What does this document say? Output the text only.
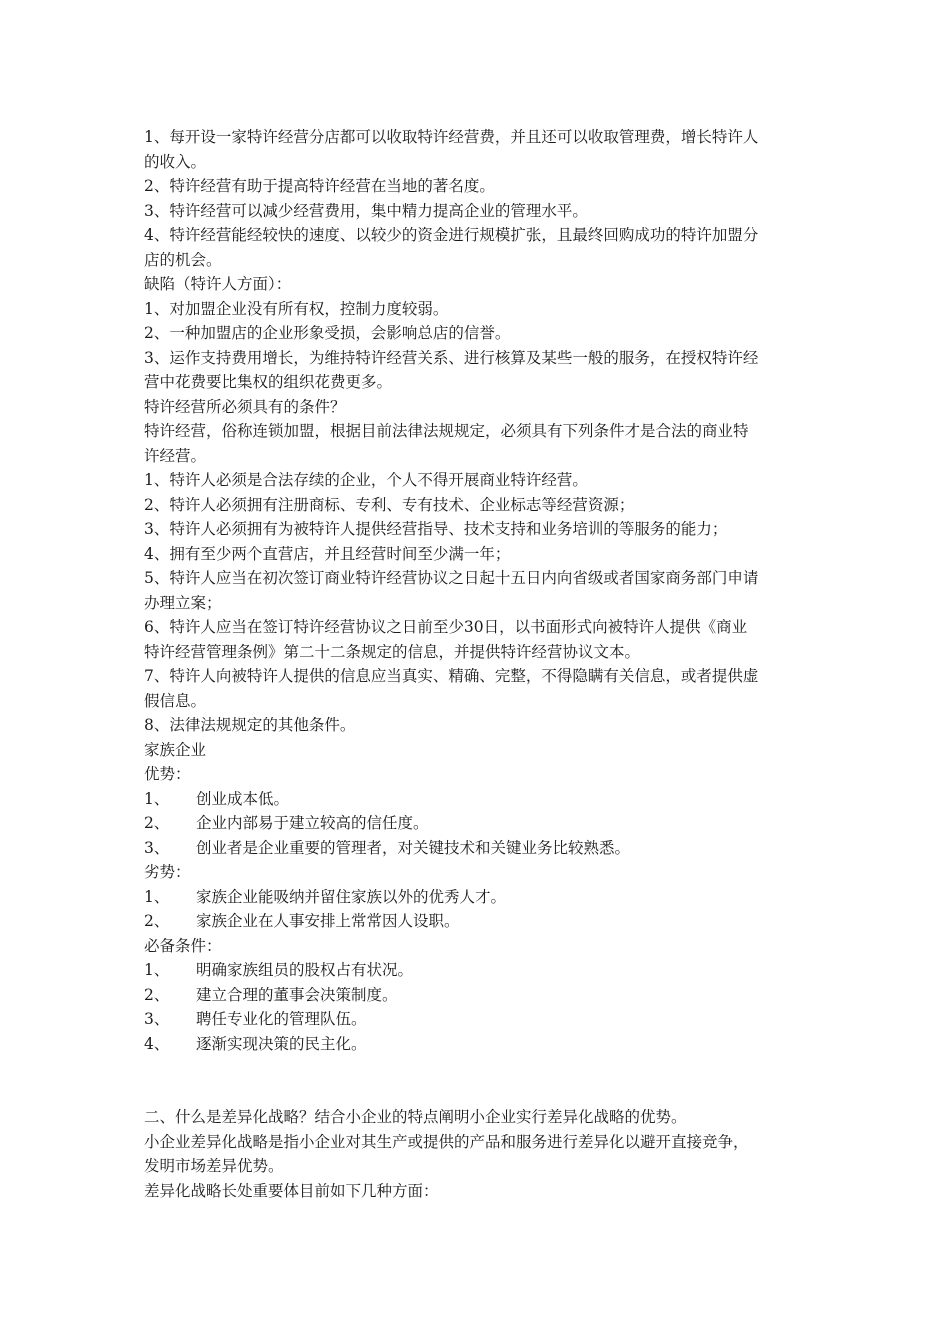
1、每开设一家特许经营分店都可以收取特许经营费，并且还可以收取管理费，增长特许人
的收入。
2、特许经营有助于提高特许经营在当地的著名度。
3、特许经营可以减少经营费用，集中精力提高企业的管理水平。
4、特许经营能经较快的速度、以较少的资金进行规模扩张，且最终回购成功的特许加盟分
店的机会。
缺陷（特许人方面）：
1、对加盟企业没有所有权，控制力度较弱。
2、一种加盟店的企业形象受损，会影响总店的信誉。
3、运作支持费用增长，为维持特许经营关系、进行核算及某些一般的服务，在授权特许经
营中花费要比集权的组织花费更多。
特许经营所必须具有的条件？
特许经营，俗称连锁加盟，根据目前法律法规规定，必须具有下列条件才是合法的商业特
许经营。
1、特许人必须是合法存续的企业，个人不得开展商业特许经营。
2、特许人必须拥有注册商标、专利、专有技术、企业标志等经营资源；
3、特许人必须拥有为被特许人提供经营指导、技术支持和业务培训的等服务的能力；
4、拥有至少两个直营店，并且经营时间至少满一年；
5、特许人应当在初次签订商业特许经营协议之日起十五日内向省级或者国家商务部门申请
办理立案；
6、特许人应当在签订特许经营协议之日前至少30日，以书面形式向被特许人提供《商业
特许经营管理条例》第二十二条规定的信息，并提供特许经营协议文本。
7、特许人向被特许人提供的信息应当真实、精确、完整，不得隐瞒有关信息，或者提供虚
假信息。
8、法律法规规定的其他条件。
家族企业
优势：
1、 创业成本低。
2、 企业内部易于建立较高的信任度。
3、 创业者是企业重要的管理者，对关键技术和关键业务比较熟悉。
劣势：
1、 家族企业能吸纳并留住家族以外的优秀人才。
2、 家族企业在人事安排上常常因人设职。
必备条件：
1、 明确家族组员的股权占有状况。
2、 建立合理的董事会决策制度。
3、 聘任专业化的管理队伍。
4、 逐渐实现决策的民主化。
二、什么是差异化战略？结合小企业的特点阐明小企业实行差异化战略的优势。
小企业差异化战略是指小企业对其生产或提供的产品和服务进行差异化以避开直接竞争，
发明市场差异优势。
差异化战略长处重要体目前如下几种方面：
